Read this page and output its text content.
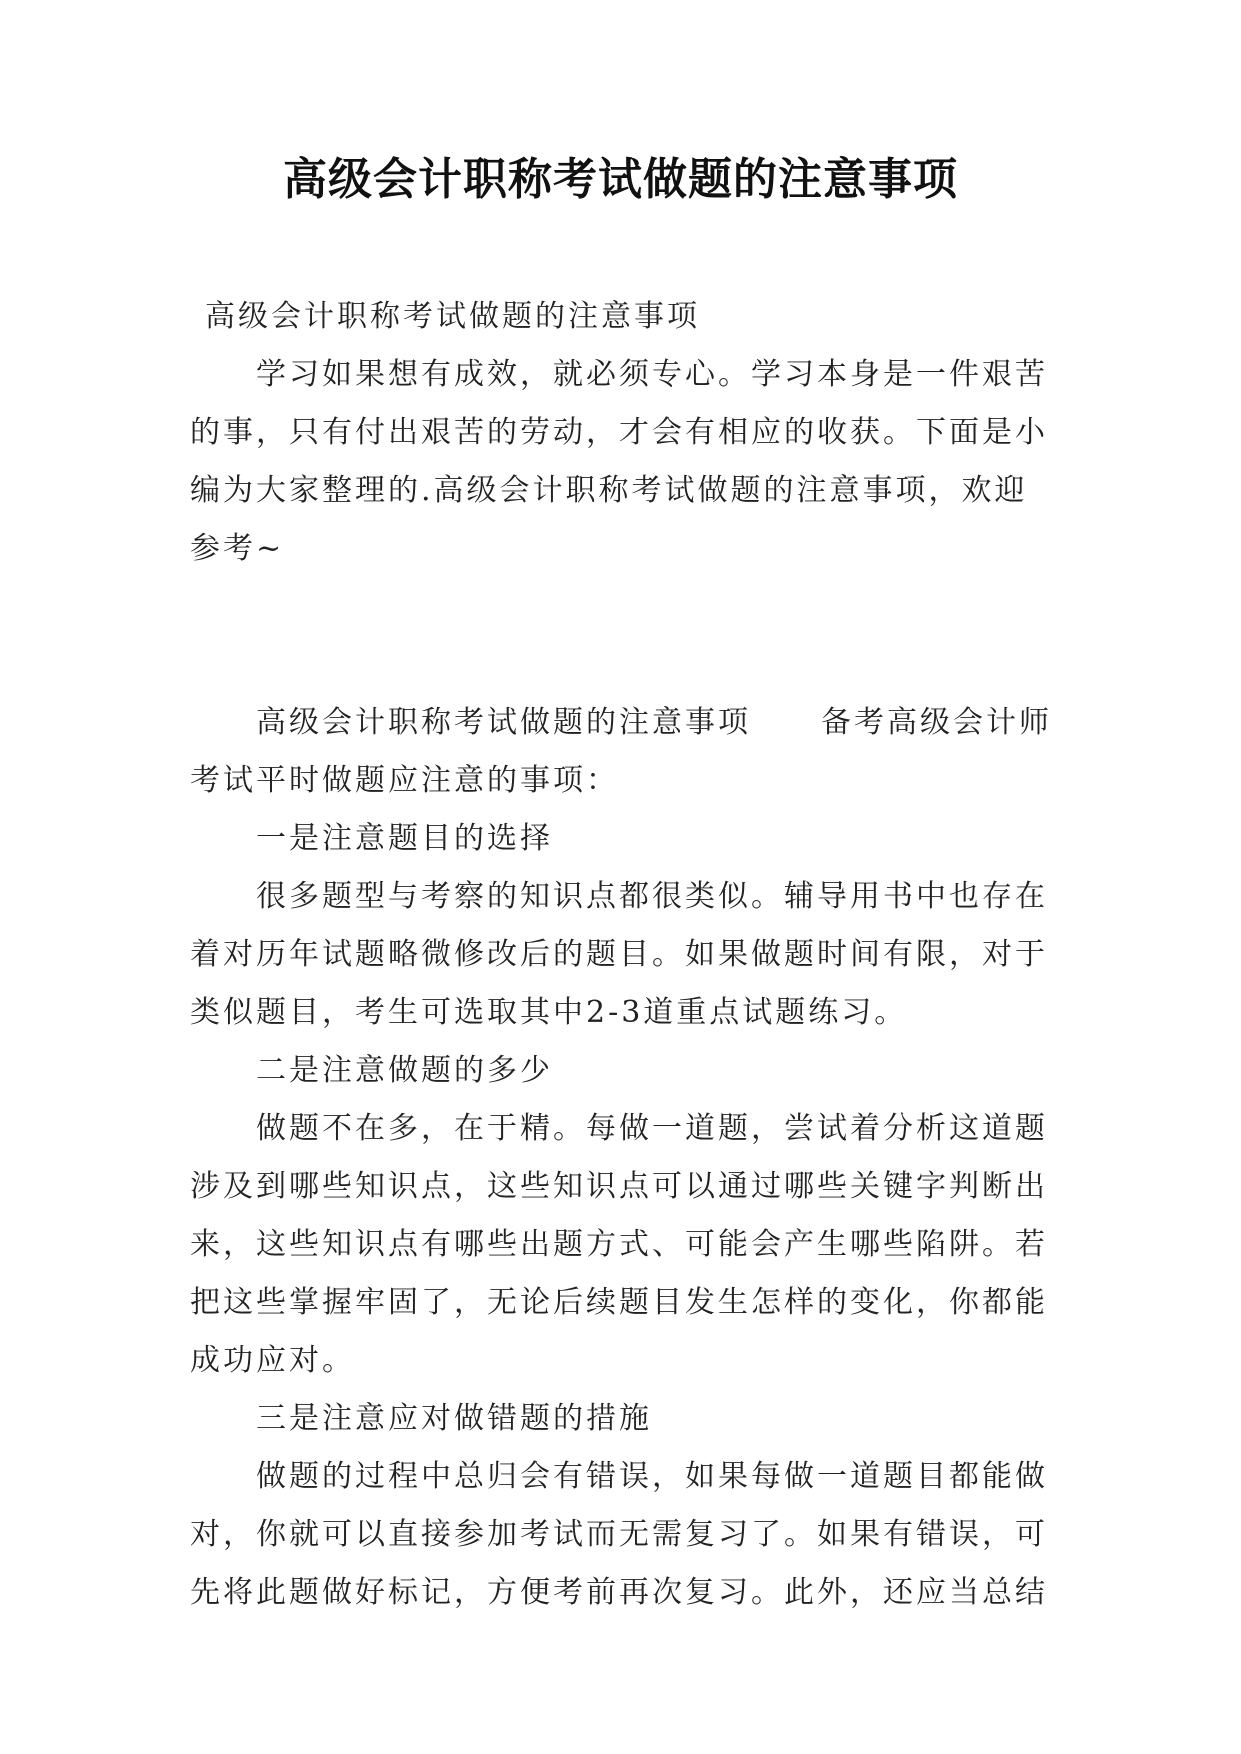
高级会计职称考试做题的注意事项

高级会计职称考试做题的注意事项

学习如果想有成效，就必须专心。学习本身是一件艰苦的事，只有付出艰苦的劳动，才会有相应的收获。下面是小编为大家整理的.高级会计职称考试做题的注意事项，欢迎参考~

高级会计职称考试做题的注意事项 备考高级会计师考试平时做题应注意的事项：

一是注意题目的选择

很多题型与考察的知识点都很类似。辅导用书中也存在着对历年试题略微修改后的题目。如果做题时间有限，对于类似题目，考生可选取其中2-3道重点试题练习。

二是注意做题的多少

做题不在多，在于精。每做一道题，尝试着分析这道题涉及到哪些知识点，这些知识点可以通过哪些关键字判断出来，这些知识点有哪些出题方式、可能会产生哪些陷阱。若把这些掌握牢固了，无论后续题目发生怎样的变化，你都能成功应对。

三是注意应对做错题的措施

做题的过程中总归会有错误，如果每做一道题目都能做对，你就可以直接参加考试而无需复习了。如果有错误，可先将此题做好标记，方便考前再次复习。此外，还应当总结
